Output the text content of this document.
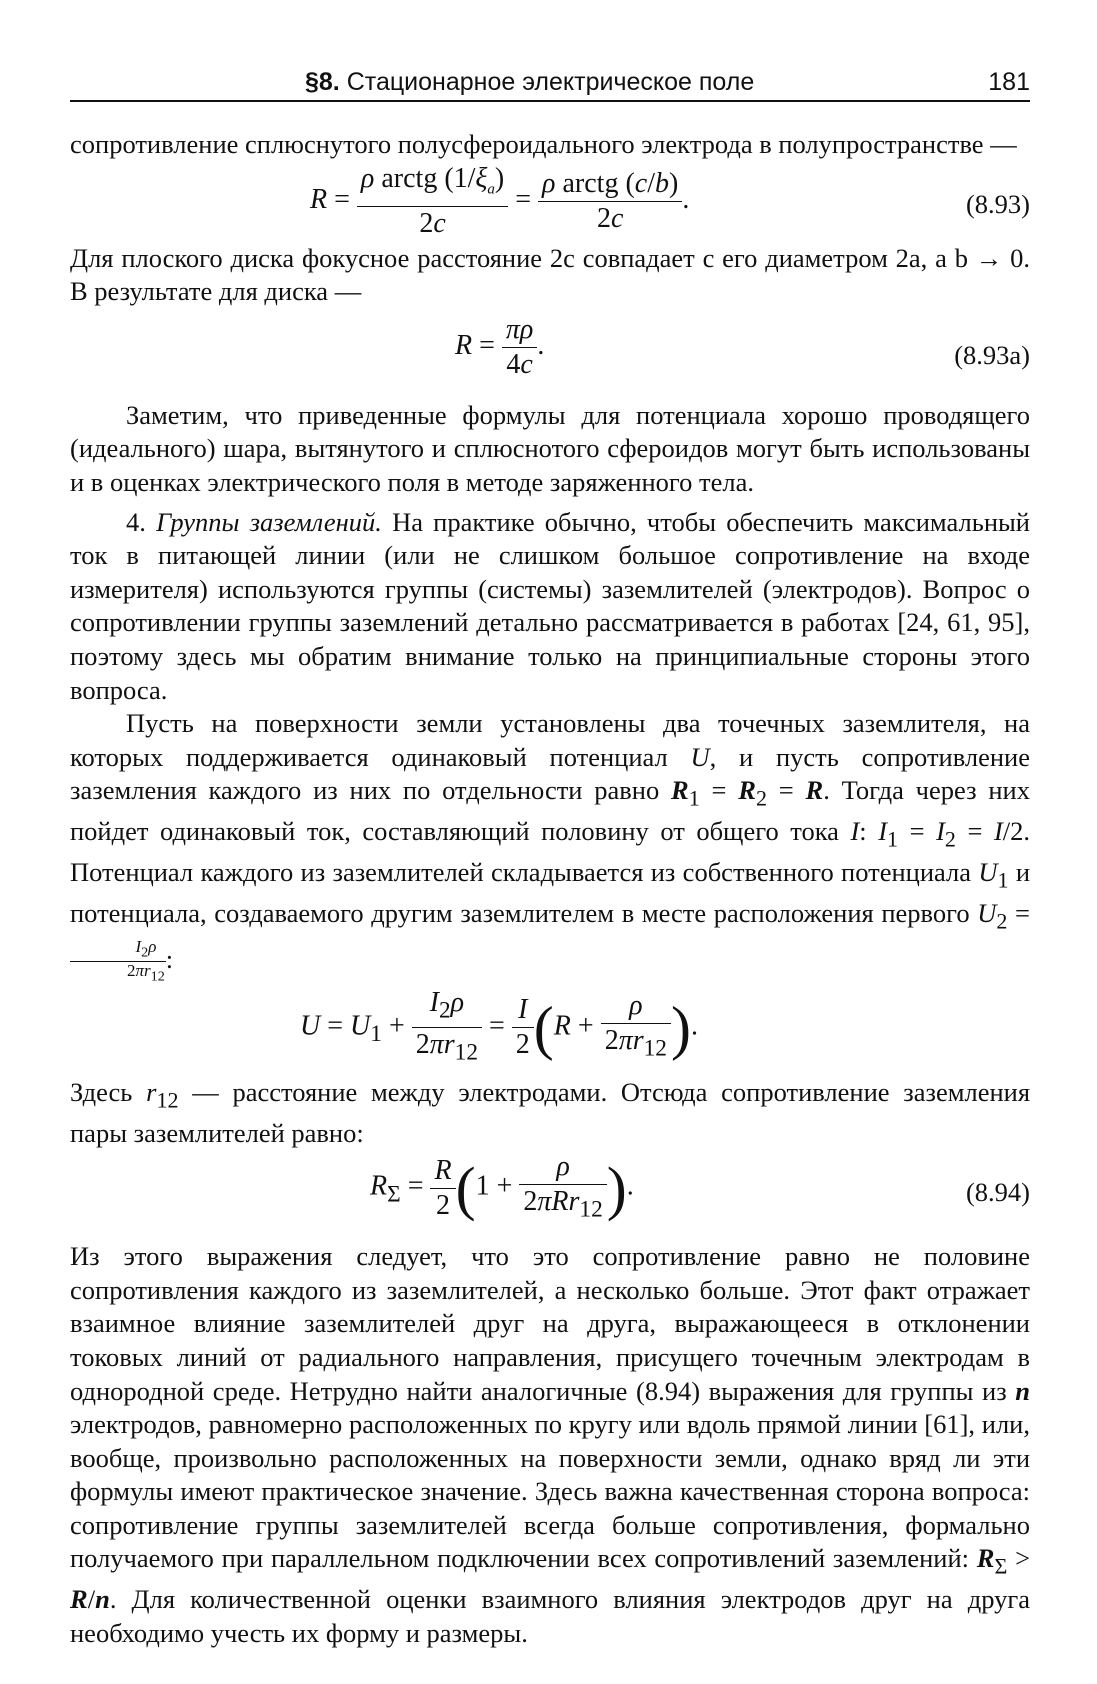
§8. Стационарное электрическое поле	181

сопротивление сплюснутого полусфероидального электрода в полупространстве —

$R = \frac{\rho arctg (1/\xi_a)}{2c} = \frac{\text{ρ arctg (c/b)}}{2c}$ .	(8.93)

Для плоского диска фокусное расстояние 2c совпадает с его диаметром 2a, а b → 0. В результате для диска —

$R = \frac{\pi\rho}{4c}$ .	(8.93a)

Заметим, что приведенные формулы для потенциала хорошо проводящего (идеального) шара, вытянутого и сплюснотого сфероидов могут быть использованы и в оценках электрического поля в методе заряженного тела.

4. Группы заземлений. На практике обычно, чтобы обеспечить максимальный ток в питающей линии (или не слишком большое сопротивление на входе измерителя) используются группы (системы) заземлителей (электродов). Вопрос о сопротивлении группы заземлений детально рассматривается в работах [24, 61, 95], поэтому здесь мы обратим внимание только на принципиальные стороны этого вопроса.

Пусть на поверхности земли установлены два точечных заземлителя, на которых поддерживается одинаковый потенциал U, и пусть сопротивление заземления каждого из них по отдельности равно $R_1 = R_2 = R$. Тогда через них пойдет одинаковый ток, составляющий половину от общего тока I: $I_1 = I_2 = I/2$. Потенциал каждого из заземлителей складывается из собственного потенциала $U_1$ и потенциала, создаваемого другим заземлителем в месте расположения первого $U_2$ =
$\frac{I_2\rho}{2\pi r_{12}}$ :

$U = U_1 + \frac{I_2\rho}{2\pi r_{12}} = \frac{I}{2} (R + \frac{\rho}{2\pi r_{12}}$ ).

Здесь $r_{12}$ — расстояние между электродами. Отсюда сопротивление заземления пары заземлителей равно:

$R_\Sigma = \frac{R}{2} (1 + \frac{\rho}{2\pi Rr_{12}}$ ).	(8.94)

Из этого выражения следует, что это сопротивление равно не половине сопротивления каждого из заземлителей, а несколько больше. Этот факт отражает взаимное влияние заземлителей друг на друга, выражающееся в отклонении токовых линий от радиального направления, присущего точечным электродам в однородной среде. Нетрудно найти аналогичные (8.94) выражения для группы из n электродов, равномерно расположенных по кругу или вдоль прямой линии [61], или, вообще, произвольно расположенных на поверхности земли, однако вряд ли эти формулы имеют практическое значение. Здесь важна качественная сторона вопроса: сопротивление группы заземлителей всегда больше сопротивления, формально получаемого при параллельном подключении всех сопротивлений заземлений: $R_\Sigma > R/n$. Для количественной оценки взаимного влияния электродов друг на друга необходимо учесть их форму и размеры.
